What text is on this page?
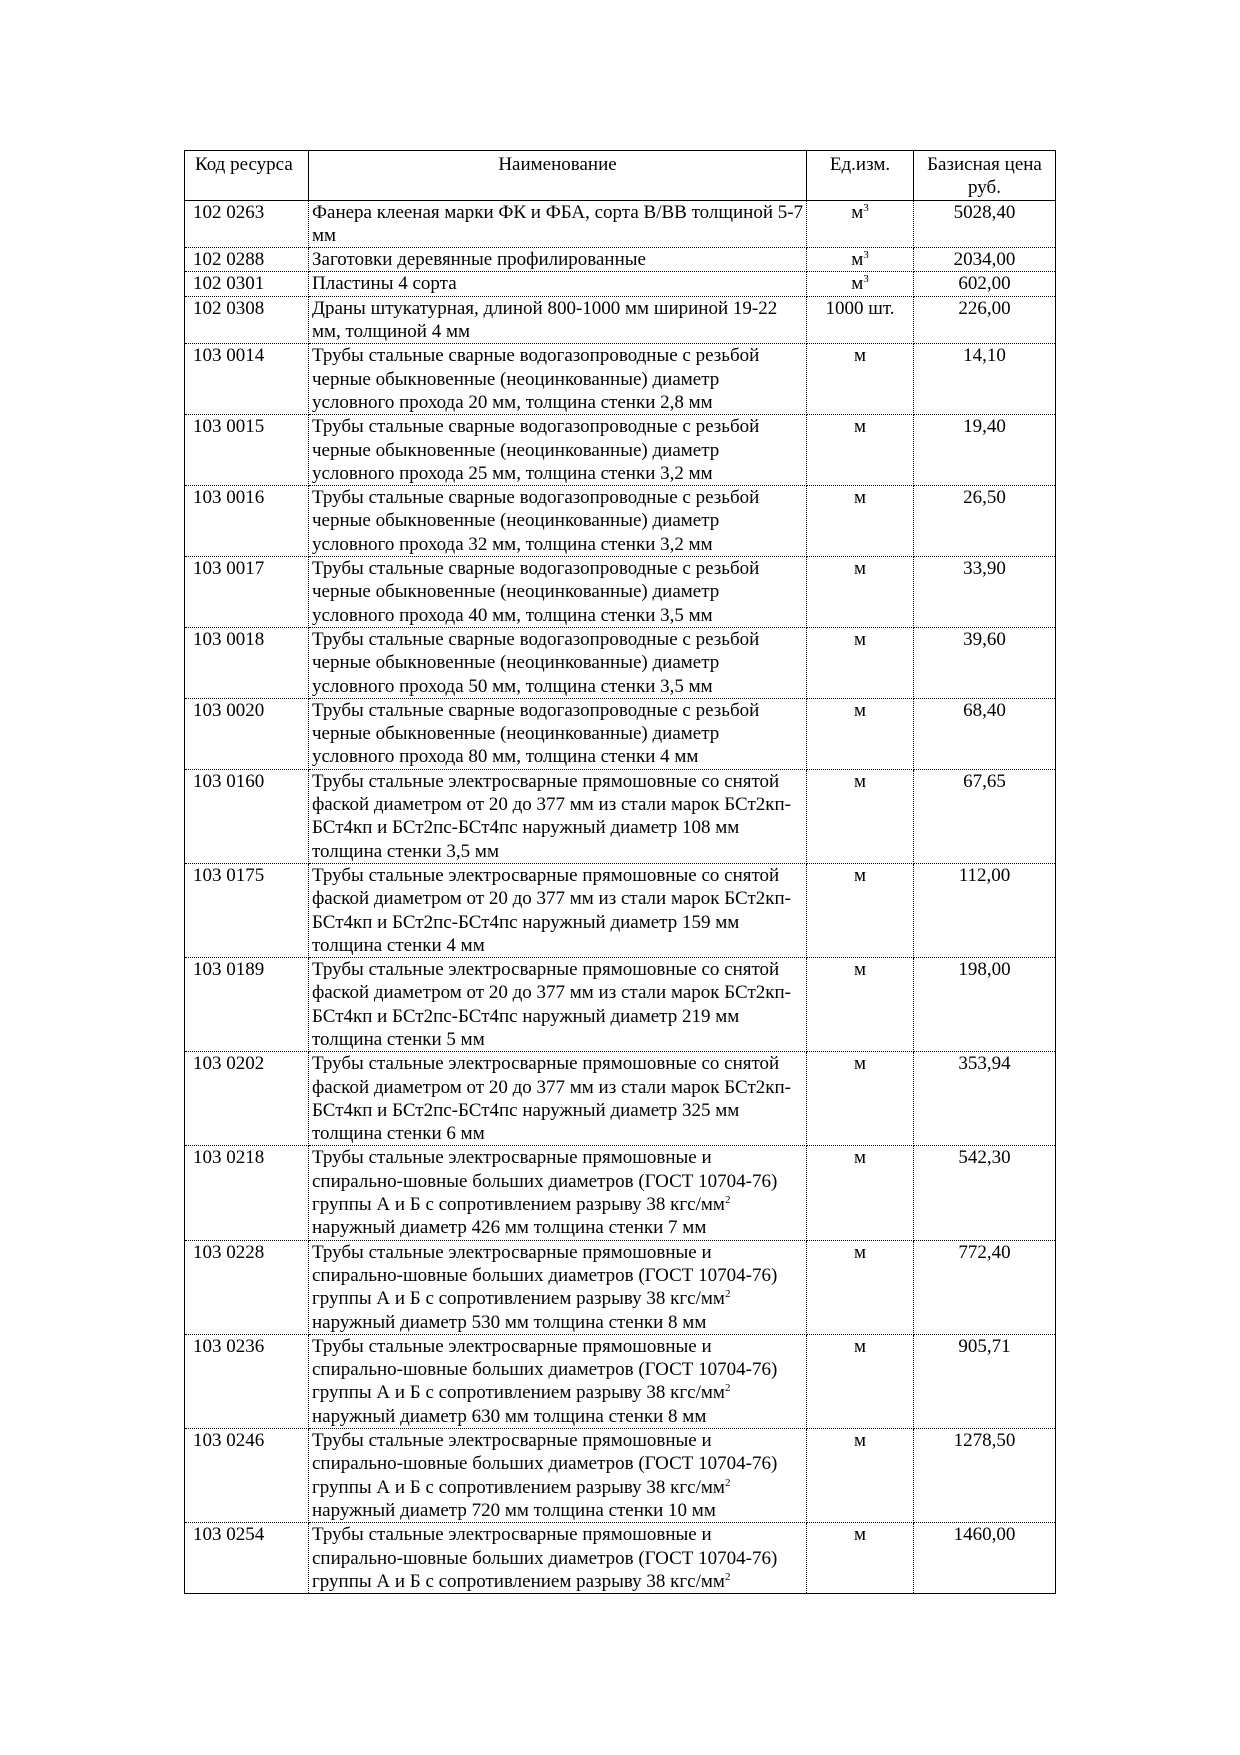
Код ресурса	Наименование	Ед.изм.	Базисная цена руб.
102 0263	Фанера клееная марки ФК и ФБА, сорта В/ВВ толщиной 5-7 мм	$м^3$	5028,40
102 0288	Заготовки деревянные профилированные	$м^3$	2034,00
102 0301	Пластины 4 сорта	$м^3$	602,00
102 0308	Драны штукатурная, длиной 800-1000 мм шириной 19-22 мм, толщиной 4 мм	1000 шт.	226,00
103 0014	Трубы стальные сварные водогазопроводные с резьбой черные обыкновенные (неоцинкованные) диаметр условного прохода 20 мм, толщина стенки 2,8 мм	м	14,10
103 0015	Трубы стальные сварные водогазопроводные с резьбой черные обыкновенные (неоцинкованные) диаметр условного прохода 25 мм, толщина стенки 3,2 мм	м	19,40
103 0016	Трубы стальные сварные водогазопроводные с резьбой черные обыкновенные (неоцинкованные) диаметр условного прохода 32 мм, толщина стенки 3,2 мм	м	26,50
103 0017	Трубы стальные сварные водогазопроводные с резьбой черные обыкновенные (неоцинкованные) диаметр условного прохода 40 мм, толщина стенки 3,5 мм	м	33,90
103 0018	Трубы стальные сварные водогазопроводные с резьбой черные обыкновенные (неоцинкованные) диаметр условного прохода 50 мм, толщина стенки 3,5 мм	м	39,60
103 0020	Трубы стальные сварные водогазопроводные с резьбой черные обыкновенные (неоцинкованные) диаметр условного прохода 80 мм, толщина стенки 4 мм	м	68,40
103 0160	Трубы стальные электросварные прямошовные со снятой фаской диаметром от 20 до 377 мм из стали марок БСт2кп-БСт4кп и БСт2пс-БСт4пс наружный диаметр 108 мм толщина стенки 3,5 мм	м	67,65
103 0175	Трубы стальные электросварные прямошовные со снятой фаской диаметром от 20 до 377 мм из стали марок БСт2кп-БСт4кп и БСт2пс-БСт4пс наружный диаметр 159 мм толщина стенки 4 мм	м	112,00
103 0189	Трубы стальные электросварные прямошовные со снятой фаской диаметром от 20 до 377 мм из стали марок БСт2кп-БСт4кп и БСт2пс-БСт4пс наружный диаметр 219 мм толщина стенки 5 мм	м	198,00
103 0202	Трубы стальные электросварные прямошовные со снятой фаской диаметром от 20 до 377 мм из стали марок БСт2кп-БСт4кп и БСт2пс-БСт4пс наружный диаметр 325 мм толщина стенки 6 мм	м	353,94
103 0218	Трубы стальные электросварные прямошовные и спирально-шовные больших диаметров (ГОСТ 10704-76) группы А и Б с сопротивлением разрыву 38 кгс/$мм^2$ наружный диаметр 426 мм толщина стенки 7 мм	м	542,30
103 0228	Трубы стальные электросварные прямошовные и спирально-шовные больших диаметров (ГОСТ 10704-76) группы А и Б с сопротивлением разрыву 38 кгс/$мм^2$ наружный диаметр 530 мм толщина стенки 8 мм	м	772,40
103 0236	Трубы стальные электросварные прямошовные и спирально-шовные больших диаметров (ГОСТ 10704-76) группы А и Б с сопротивлением разрыву 38 кгс/$мм^2$ наружный диаметр 630 мм толщина стенки 8 мм	м	905,71
103 0246	Трубы стальные электросварные прямошовные и спирально-шовные больших диаметров (ГОСТ 10704-76) группы А и Б с сопротивлением разрыву 38 кгс/$мм^2$ наружный диаметр 720 мм толщина стенки 10 мм	м	1278,50
103 0254	Трубы стальные электросварные прямошовные и спирально-шовные больших диаметров (ГОСТ 10704-76) группы А и Б с сопротивлением разрыву 38 кгс/$мм^2$	м	1460,00
